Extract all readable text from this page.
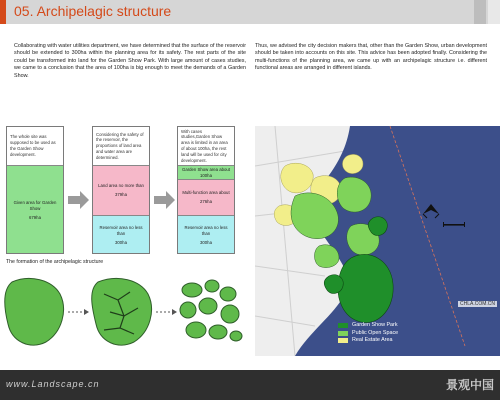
05. Archipelagic structure
Collaborating with water utilities department, we have determined that the surface of the reservoir should be extended to 300ha within the planning area for its safety. The rest parts of the site could be transformed into land for the Garden Show Park. With large amount of cases studies, we came to a conclusion that the area of 100ha is big enough to meet the demands of a Garden Show.
Thus, we advised the city decision makers that, other than the Garden Show, urban development should be taken into accounts on this site. This advice has been adopted finally. Considering the multi-functions of the planning area, we came up with an archipelagic structure i.e. different functional areas are arranged in different islands.
The whole site was supposed to be used as the Garden Show development.
Given area for Garden Show
679ha
Considering the safety of the reservoir, the proportions of land area and water area are determined.
Land area no more than
379ha
Reservoir area no less than
300ha
With cases studies,Garden Show area is limited in an area of about 100ha, the rest land will be used for city development.
Garden Show area about 100ha
Multi-function area about
276ha
Reservoir area no less than
300ha
The formation of the archipelagic structure
Garden Show Park
Public Open Space
Real Estate Area
CHLA.COM.CN
www.Landscape.cn	景观中国
